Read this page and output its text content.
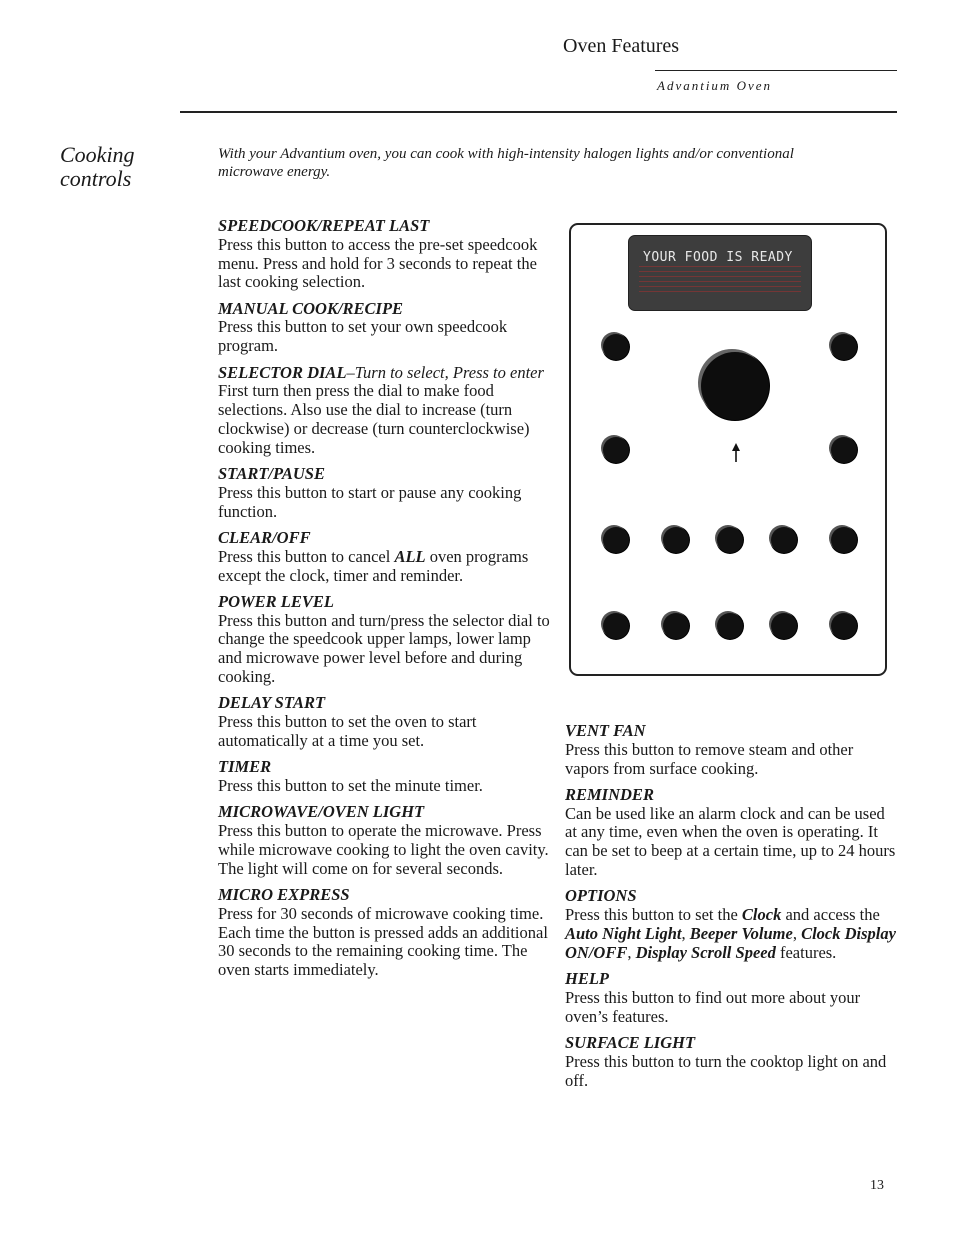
Oven Features
Advantium Oven
Cooking controls
With your Advantium oven, you can cook with high-intensity halogen lights and/or conventional microwave energy.
SPEEDCOOK/REPEAT LAST
Press this button to access the pre-set speedcook menu. Press and hold for 3 seconds to repeat the last cooking selection.
MANUAL COOK/RECIPE
Press this button to set your own speedcook program.
SELECTOR DIAL–Turn to select, Press to enter
First turn then press the dial to make food selections. Also use the dial to increase (turn clockwise) or decrease (turn counterclockwise) cooking times.
START/PAUSE
Press this button to start or pause any cooking function.
CLEAR/OFF
Press this button to cancel ALL oven programs except the clock, timer and reminder.
POWER LEVEL
Press this button and turn/press the selector dial to change the speedcook upper lamps, lower lamp and microwave power level before and during cooking.
DELAY START
Press this button to set the oven to start automatically at a time you set.
TIMER
Press this button to set the minute timer.
MICROWAVE/OVEN LIGHT
Press this button to operate the microwave. Press while microwave cooking to light the oven cavity. The light will come on for several seconds.
MICRO EXPRESS
Press for 30 seconds of microwave cooking time. Each time the button is pressed adds an additional 30 seconds to the remaining cooking time. The oven starts immediately.
YOUR FOOD IS READY
VENT FAN
Press this button to remove steam and other vapors from surface cooking.
REMINDER
Can be used like an alarm clock and can be used at any time, even when the oven is operating. It can be set to beep at a certain time, up to 24 hours later.
OPTIONS
Press this button to set the Clock and access the Auto Night Light, Beeper Volume, Clock Display ON/OFF, Display Scroll Speed features.
HELP
Press this button to find out more about your oven’s features.
SURFACE LIGHT
Press this button to turn the cooktop light on and off.
13
